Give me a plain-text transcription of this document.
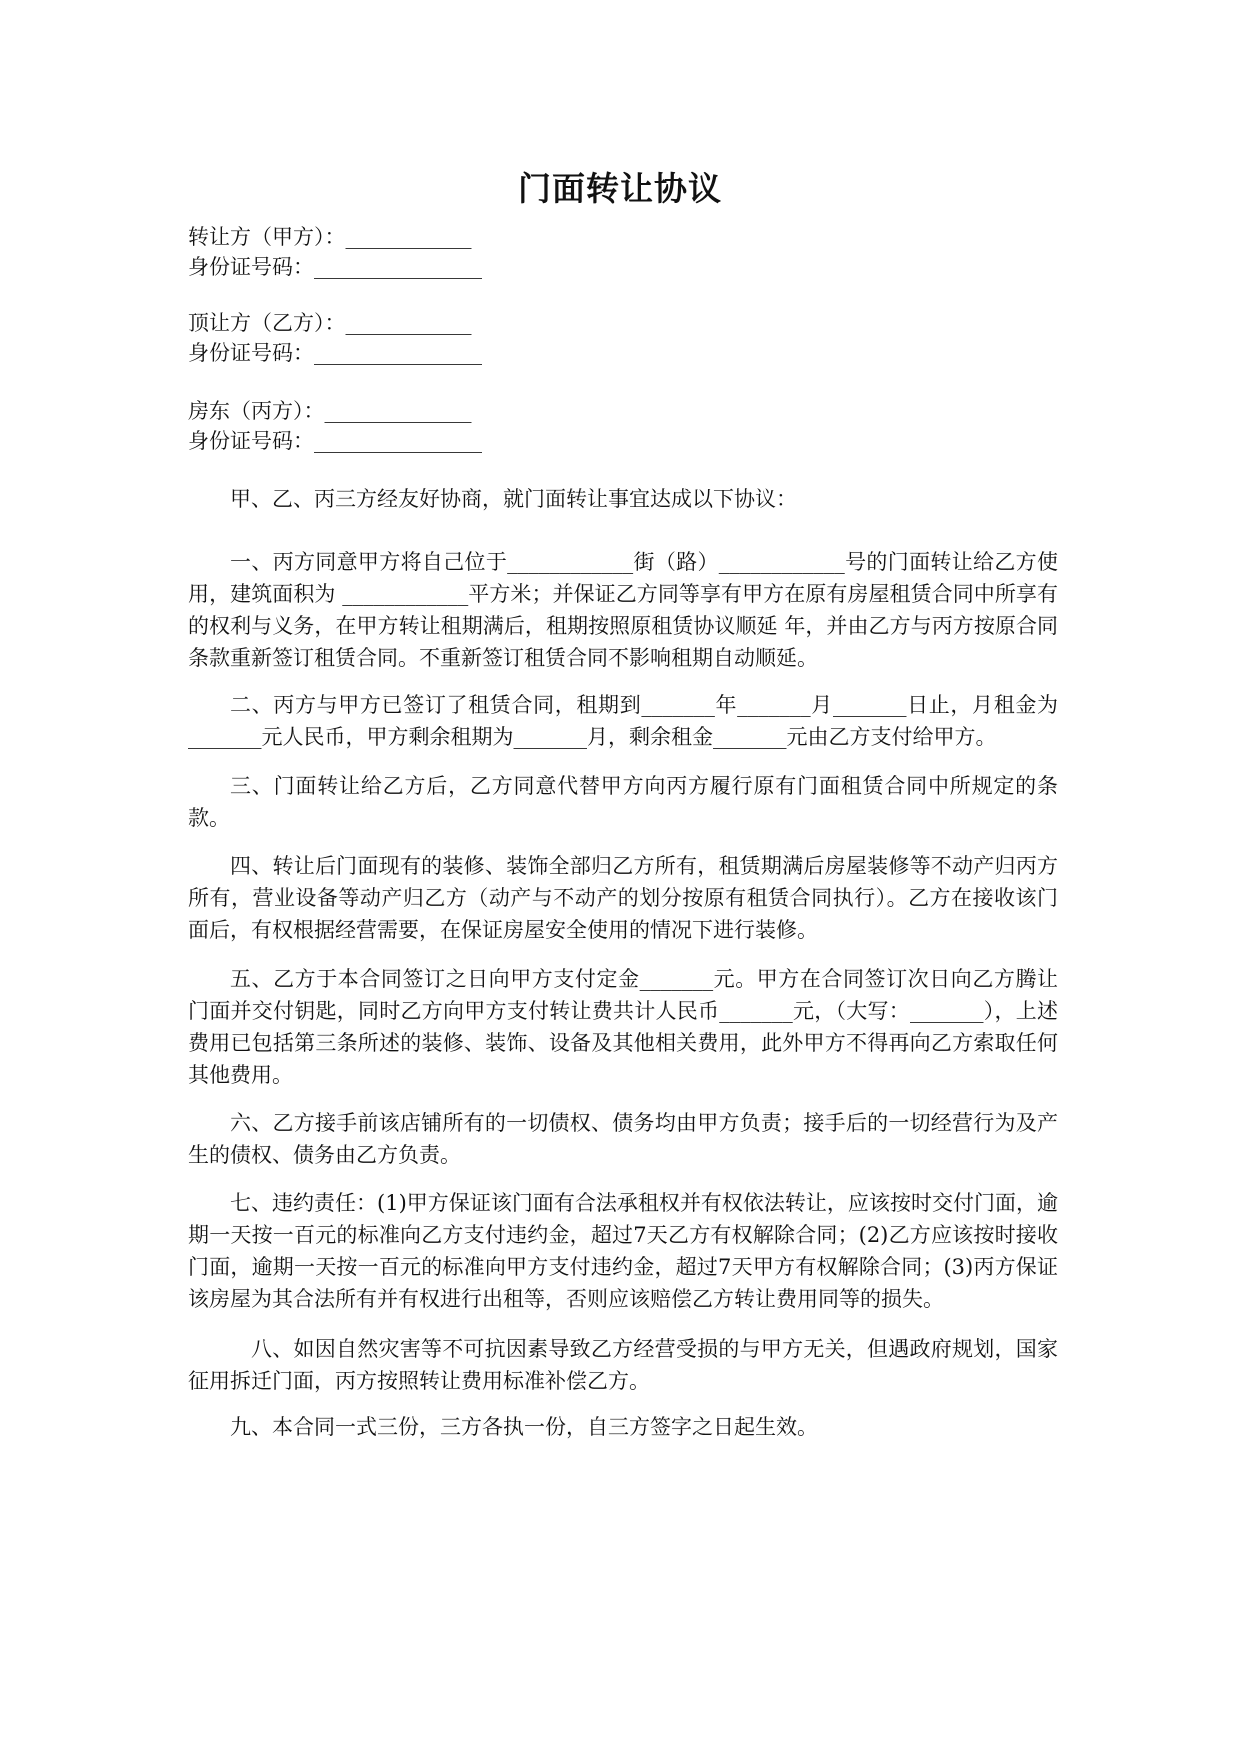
门面转让协议
转让方（甲方）：____________
身份证号码：________________
顶让方（乙方）：____________
身份证号码：________________
房东（丙方）：______________
身份证号码：________________

甲、乙、丙三方经友好协商，就门面转让事宜达成以下协议：

一、丙方同意甲方将自己位于____________街（路）____________号的门面转让给乙方使用，建筑面积为 ____________平方米；并保证乙方同等享有甲方在原有房屋租赁合同中所享有的权利与义务，在甲方转让租期满后，租期按照原租赁协议顺延 年，并由乙方与丙方按原合同条款重新签订租赁合同。不重新签订租赁合同不影响租期自动顺延。

二、丙方与甲方已签订了租赁合同，租期到_______年_______月_______日止，月租金为_______元人民币，甲方剩余租期为_______月，剩余租金_______元由乙方支付给甲方。

三、门面转让给乙方后，乙方同意代替甲方向丙方履行原有门面租赁合同中所规定的条款。

四、转让后门面现有的装修、装饰全部归乙方所有，租赁期满后房屋装修等不动产归丙方所有，营业设备等动产归乙方（动产与不动产的划分按原有租赁合同执行）。乙方在接收该门面后，有权根据经营需要，在保证房屋安全使用的情况下进行装修。

五、乙方于本合同签订之日向甲方支付定金_______元。甲方在合同签订次日向乙方腾让门面并交付钥匙，同时乙方向甲方支付转让费共计人民币_______元，（大写：_______），上述费用已包括第三条所述的装修、装饰、设备及其他相关费用，此外甲方不得再向乙方索取任何其他费用。

六、乙方接手前该店铺所有的一切债权、债务均由甲方负责；接手后的一切经营行为及产生的债权、债务由乙方负责。

七、违约责任：(1)甲方保证该门面有合法承租权并有权依法转让，应该按时交付门面，逾期一天按一百元的标准向乙方支付违约金，超过7天乙方有权解除合同；(2)乙方应该按时接收门面，逾期一天按一百元的标准向甲方支付违约金，超过7天甲方有权解除合同；(3)丙方保证该房屋为其合法所有并有权进行出租等，否则应该赔偿乙方转让费用同等的损失。

八、如因自然灾害等不可抗因素导致乙方经营受损的与甲方无关，但遇政府规划，国家征用拆迁门面，丙方按照转让费用标准补偿乙方。

九、本合同一式三份，三方各执一份，自三方签字之日起生效。
